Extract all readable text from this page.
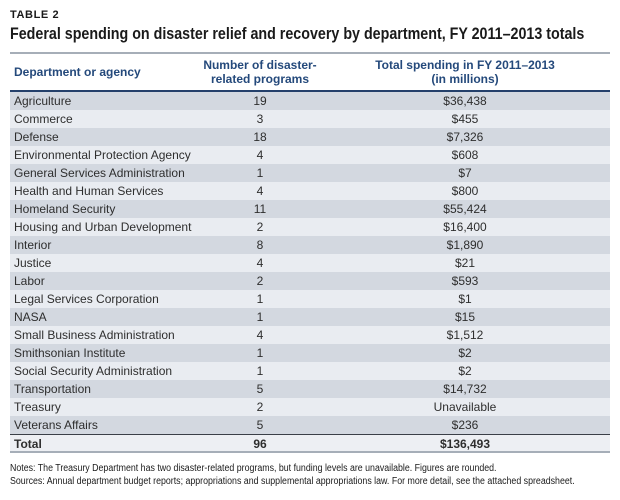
TABLE 2
Federal spending on disaster relief and recovery by department, FY 2011–2013 totals
Department or agency	Number of disaster-
related programs
Total spending in FY 2011–2013
(in millions)
Agriculture	19	$36,438
Commerce	3	$455
Defense	18	$7,326
Environmental Protection Agency	4	$608
General Services Administration	1	$7
Health and Human Services	4	$800
Homeland Security	11	$55,424
Housing and Urban Development	2	$16,400
Interior	8	$1,890
Justice	4	$21
Labor	2	$593
Legal Services Corporation	1	$1
NASA	1	$15
Small Business Administration	4	$1,512
Smithsonian Institute	1	$2
Social Security Administration	1	$2
Transportation	5	$14,732
Treasury	2	Unavailable
Veterans Affairs	5	$236
Total	96	$136,493
Notes: The Treasury Department has two disaster-related programs, but funding levels are unavailable. Figures are rounded.
Sources: Annual department budget reports; appropriations and supplemental appropriations law. For more detail, see the attached spreadsheet.
